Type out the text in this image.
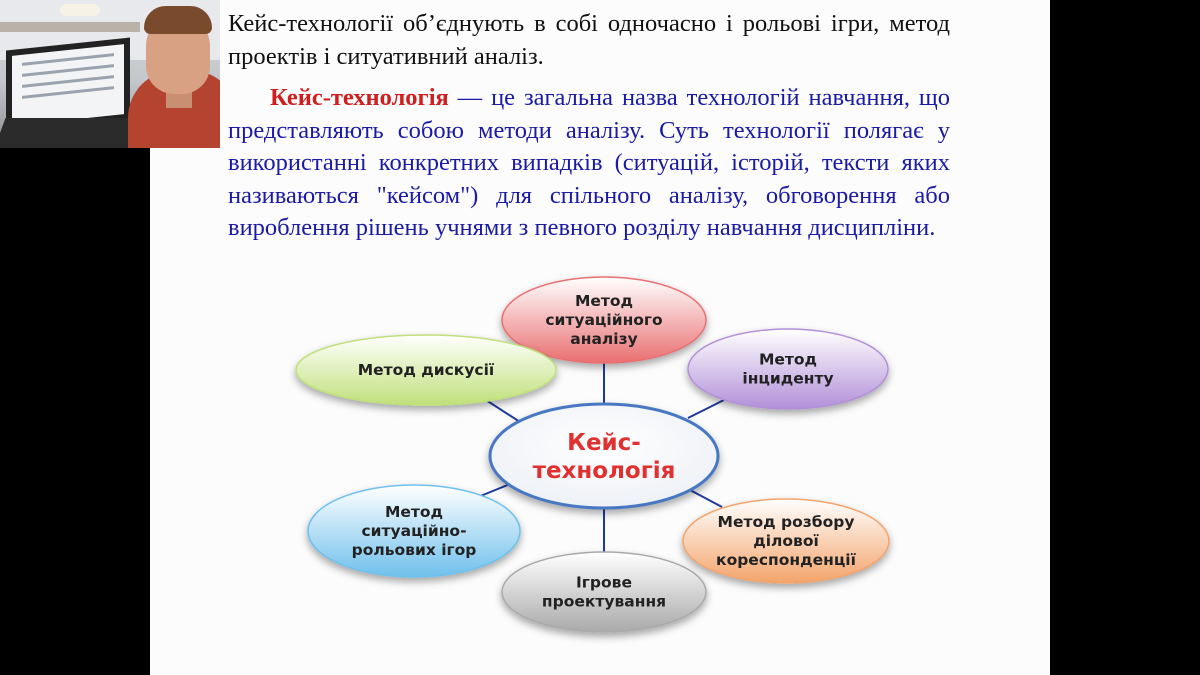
Кейс-технології об’єднують в собі одночасно і рольові ігри, метод проектів і ситуативний аналіз.

Кейс-технологія — це загальна назва технологій навчання, що представляють собою методи аналізу. Суть технології полягає у використанні конкретних випадків (ситуацій, історій, тексти яких називаються "кейсом") для спільного аналізу, обговорення або вироблення рішень учнями з певного розділу навчання дисципліни.

Метод
ситуаційного
аналізу
Метод
інциденту
Метод розбору
ділової
кореспонденції
Ігрове
проектування
Метод
ситуаційно-
рольових ігор
Метод дискусії
Кейс-
технологія
